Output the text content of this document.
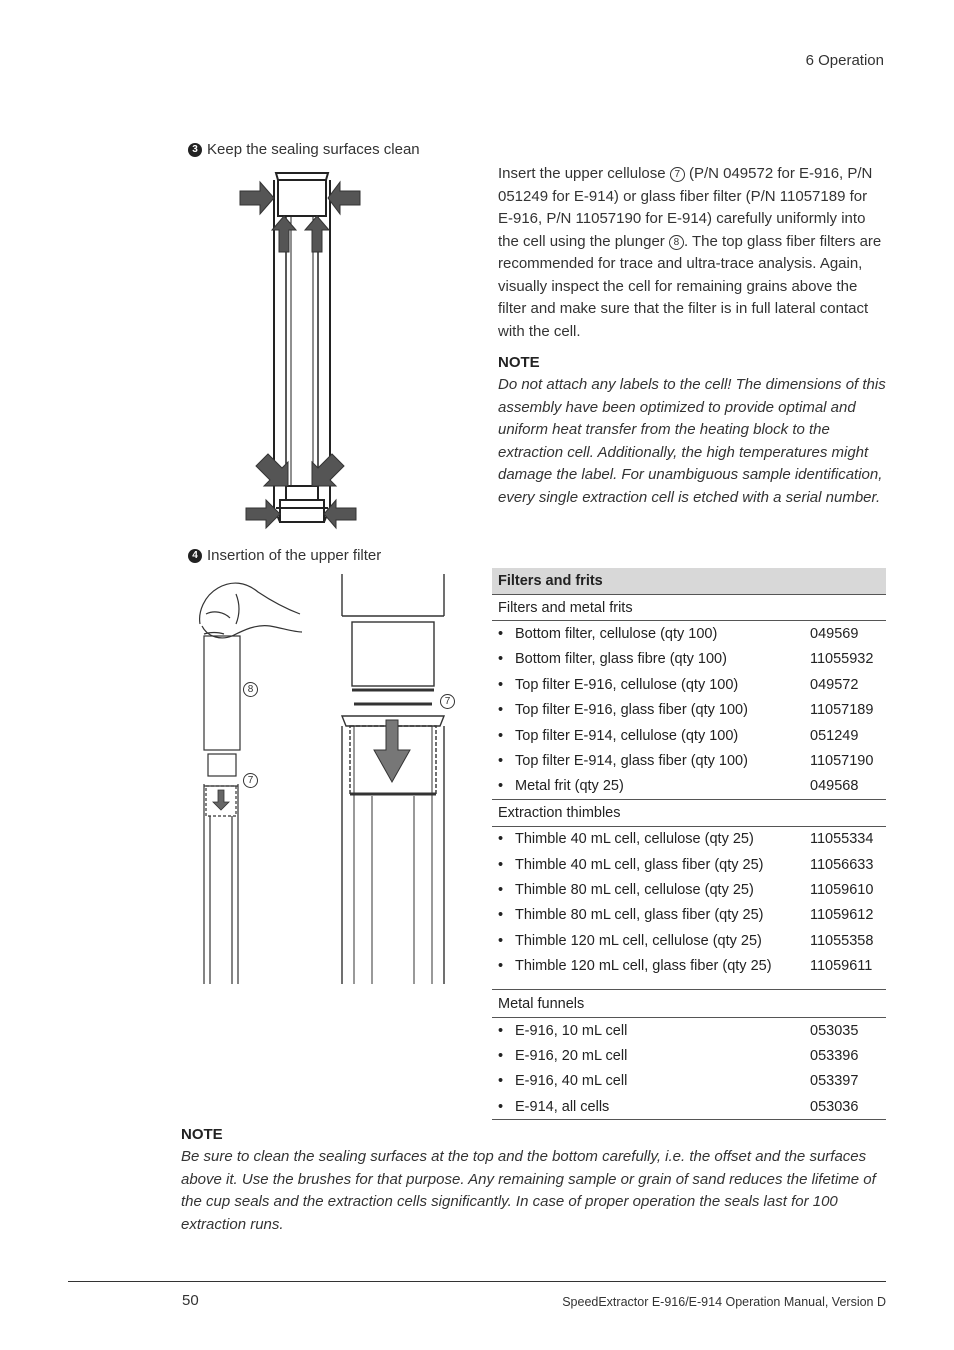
6 Operation
3 Keep the sealing surfaces clean
4 Insertion of the upper filter
8
7
7
Insert the upper cellulose 7 (P/N 049572 for E-916, P/N 051249 for E-914) or glass fiber filter (P/N 11057189 for E-916, P/N 11057190 for E-914) carefully uniformly into the cell using the plunger 8 . The top glass fiber filters are recommended for trace and ultra-trace analysis. Again, visually inspect the cell for remaining grains above the filter and make sure that the filter is in full lateral contact with the cell.
NOTE
Do not attach any labels to the cell! The dimensions of this assembly have been optimized to provide optimal and uniform heat transfer from the heating block to the extraction cell. Additionally, the high temperatures might damage the label. For unambiguous sample identification, every single extraction cell is etched with a serial number.
Filters and frits	
Filters and metal frits	
• Bottom filter, cellulose (qty 100)	049569
• Bottom filter, glass fibre (qty 100)	11055932
• Top filter E-916, cellulose (qty 100)	049572
• Top filter E-916, glass fiber (qty 100)	11057189
• Top filter E-914, cellulose (qty 100)	051249
• Top filter E-914, glass fiber (qty 100)	11057190
• Metal frit (qty 25)	049568
Extraction thimbles	
• Thimble 40 mL cell, cellulose (qty 25)	11055334
• Thimble 40 mL cell, glass fiber (qty 25)	11056633
• Thimble 80 mL cell, cellulose (qty 25)	11059610
• Thimble 80 mL cell, glass fiber (qty 25)	11059612
• Thimble 120 mL cell, cellulose (qty 25)	11055358
• Thimble 120 mL cell, glass fiber (qty 25)	11059611

Metal funnels	
• E-916, 10 mL cell	053035
• E-916, 20 mL cell	053396
• E-916, 40 mL cell	053397
• E-914, all cells	053036
NOTE
Be sure to clean the sealing surfaces at the top and the bottom carefully, i.e. the offset and the surfaces above it. Use the brushes for that purpose. Any remaining sample or grain of sand reduces the lifetime of the cup seals and the extraction cells significantly. In case of proper operation the seals last for 100 extraction runs.
50	SpeedExtractor E-916/E-914 Operation Manual, Version D
